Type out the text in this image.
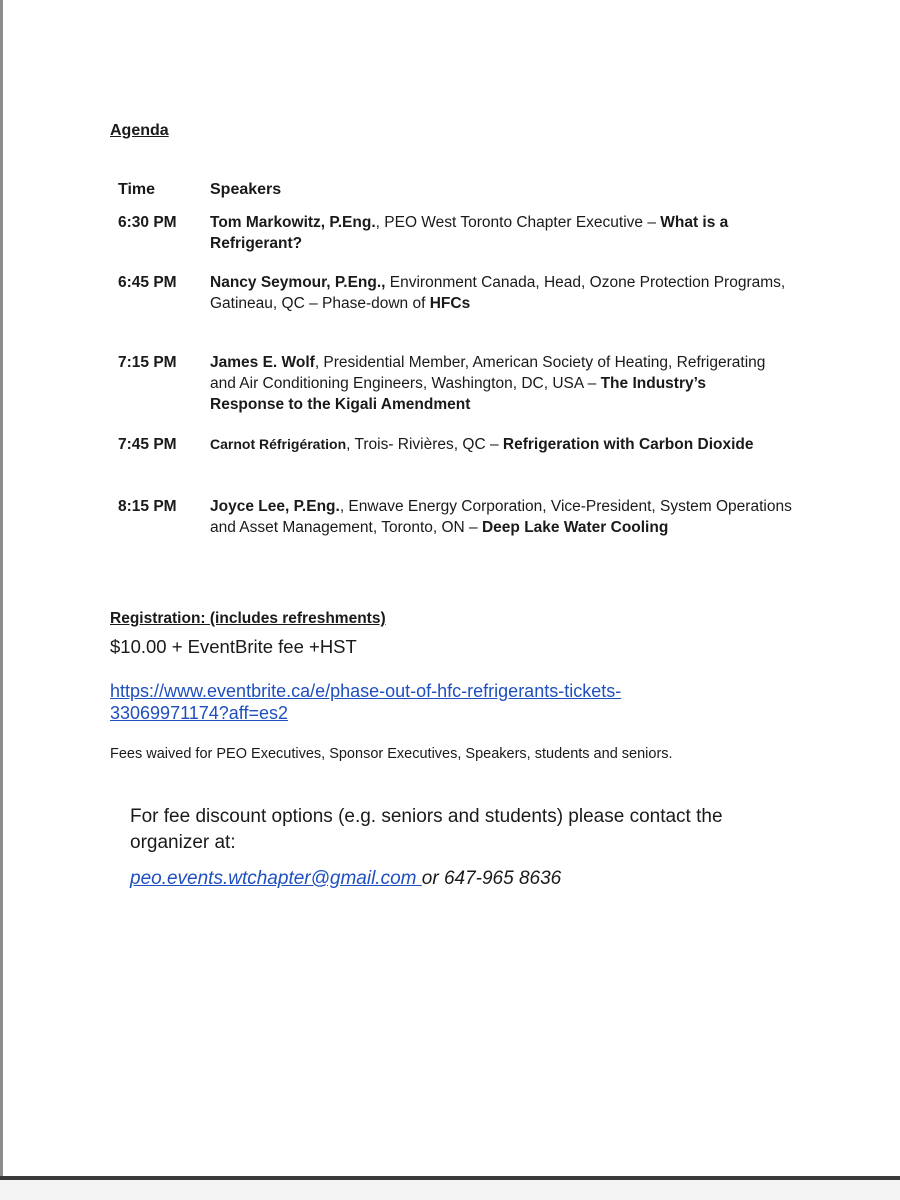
Agenda
Time	Speakers
6:30 PM Tom Markowitz, P.Eng., PEO West Toronto Chapter Executive – What is a Refrigerant?
6:45 PM Nancy Seymour, P.Eng., Environment Canada, Head, Ozone Protection Programs, Gatineau, QC – Phase-down of HFCs
7:15 PM James E. Wolf, Presidential Member, American Society of Heating, Refrigerating and Air Conditioning Engineers, Washington, DC, USA – The Industry’s Response to the Kigali Amendment
7:45 PM Carnot Réfrigération, Trois- Rivières, QC – Refrigeration with Carbon Dioxide
8:15 PM Joyce Lee, P.Eng., Enwave Energy Corporation, Vice-President, System Operations and Asset Management, Toronto, ON – Deep Lake Water Cooling
Registration: (includes refreshments)
$10.00 + EventBrite fee +HST
https://www.eventbrite.ca/e/phase-out-of-hfc-refrigerants-tickets-33069971174?aff=es2
Fees waived for PEO Executives, Sponsor Executives, Speakers, students and seniors.
For fee discount options (e.g. seniors and students) please contact the organizer at:
peo.events.wtchapter@gmail.com or 647-965 8636
